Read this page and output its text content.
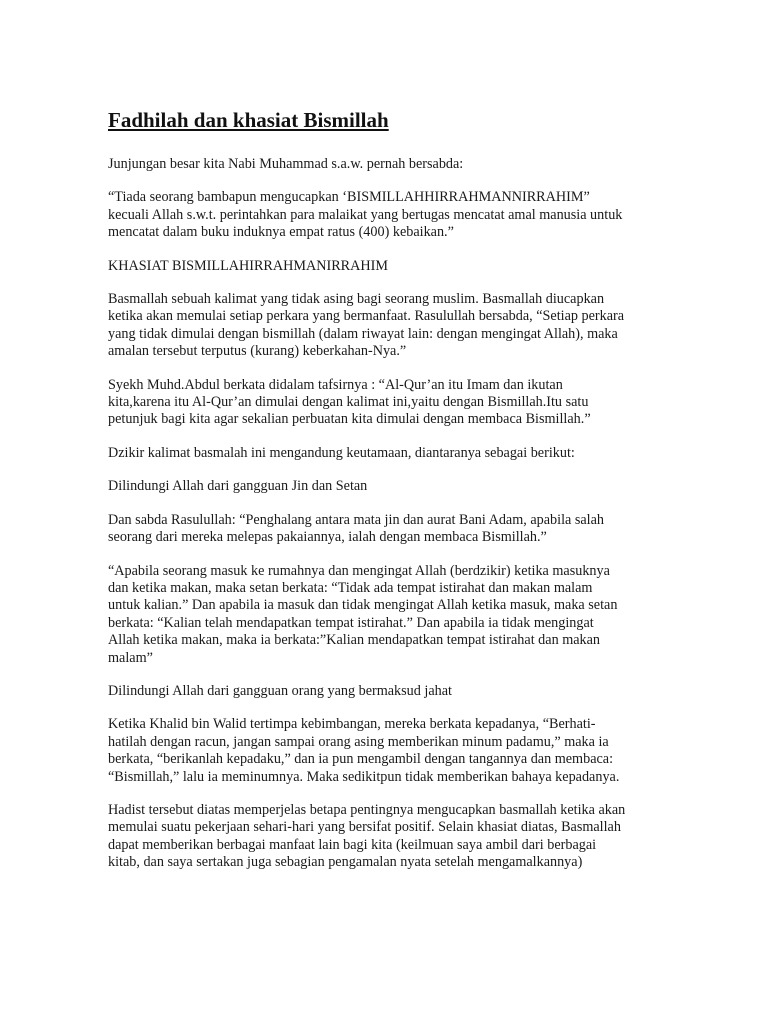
Fadhilah dan khasiat Bismillah

Junjungan besar kita Nabi Muhammad s.a.w. pernah bersabda:

“Tiada seorang bambapun mengucapkan ‘BISMILLAHHIRRAHMANNIRRAHIM”
kecuali Allah s.w.t. perintahkan para malaikat yang bertugas mencatat amal manusia untuk
mencatat dalam buku induknya empat ratus (400) kebaikan.”

KHASIAT BISMILLAHIRRAHMANIRRAHIM

Basmallah sebuah kalimat yang tidak asing bagi seorang muslim. Basmallah diucapkan
ketika akan memulai setiap perkara yang bermanfaat. Rasulullah bersabda, “Setiap perkara
yang tidak dimulai dengan bismillah (dalam riwayat lain: dengan mengingat Allah), maka
amalan tersebut terputus (kurang) keberkahan-Nya.”

Syekh Muhd.Abdul berkata didalam tafsirnya : “Al-Qur’an itu Imam dan ikutan
kita,karena itu Al-Qur’an dimulai dengan kalimat ini,yaitu dengan Bismillah.Itu satu
petunjuk bagi kita agar sekalian perbuatan kita dimulai dengan membaca Bismillah.”

Dzikir kalimat basmalah ini mengandung keutamaan, diantaranya sebagai berikut:

Dilindungi Allah dari gangguan Jin dan Setan

Dan sabda Rasulullah: “Penghalang antara mata jin dan aurat Bani Adam, apabila salah
seorang dari mereka melepas pakaiannya, ialah dengan membaca Bismillah.”

“Apabila seorang masuk ke rumahnya dan mengingat Allah (berdzikir) ketika masuknya
dan ketika makan, maka setan berkata: “Tidak ada tempat istirahat dan makan malam
untuk kalian.” Dan apabila ia masuk dan tidak mengingat Allah ketika masuk, maka setan
berkata: “Kalian telah mendapatkan tempat istirahat.” Dan apabila ia tidak mengingat
Allah ketika makan, maka ia berkata:”Kalian mendapatkan tempat istirahat dan makan
malam”

Dilindungi Allah dari gangguan orang yang bermaksud jahat

Ketika Khalid bin Walid tertimpa kebimbangan, mereka berkata kepadanya, “Berhati-
hatilah dengan racun, jangan sampai orang asing memberikan minum padamu,” maka ia
berkata, “berikanlah kepadaku,” dan ia pun mengambil dengan tangannya dan membaca:
“Bismillah,” lalu ia meminumnya. Maka sedikitpun tidak memberikan bahaya kepadanya.

Hadist tersebut diatas memperjelas betapa pentingnya mengucapkan basmallah ketika akan
memulai suatu pekerjaan sehari-hari yang bersifat positif. Selain khasiat diatas, Basmallah
dapat memberikan berbagai manfaat lain bagi kita (keilmuan saya ambil dari berbagai
kitab, dan saya sertakan juga sebagian pengamalan nyata setelah mengamalkannya)
